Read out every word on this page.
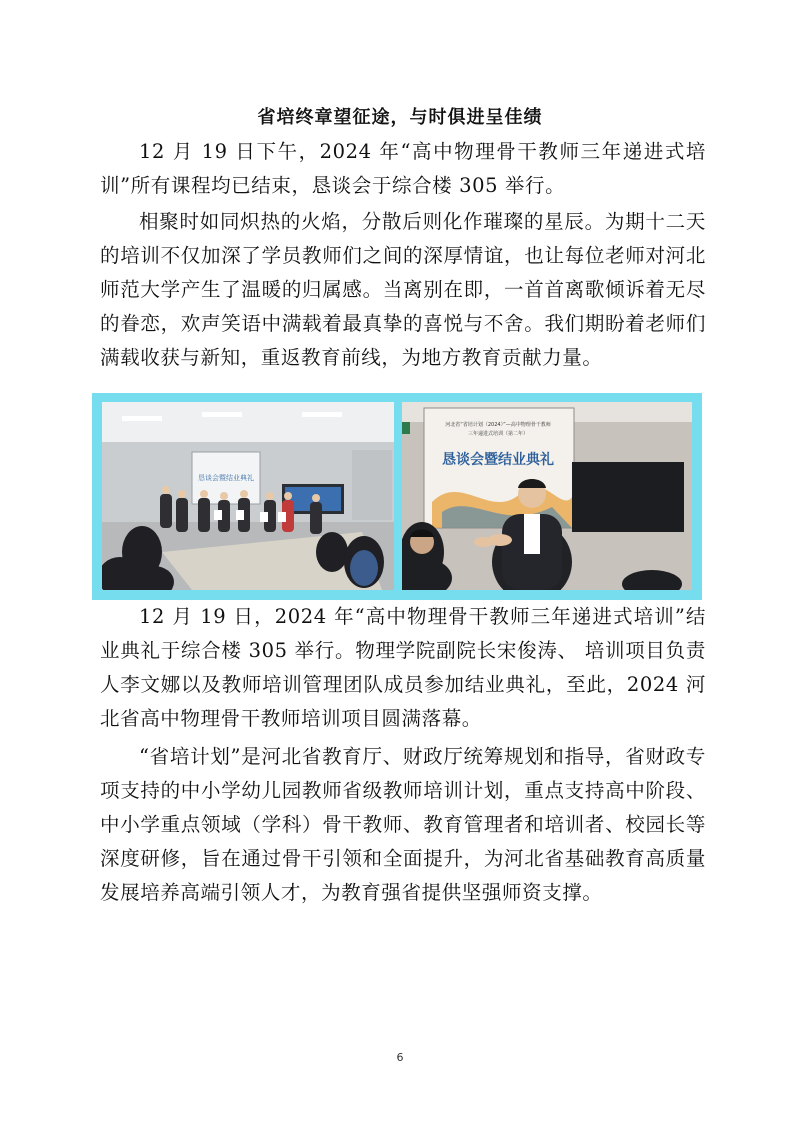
省培终章望征途，与时俱进呈佳绩

12 月 19 日下午，2024 年“高中物理骨干教师三年递进式培训”所有课程均已结束，恳谈会于综合楼 305 举行。

相聚时如同炽热的火焰，分散后则化作璀璨的星辰。为期十二天的培训不仅加深了学员教师们之间的深厚情谊，也让每位老师对河北师范大学产生了温暖的归属感。当离别在即，一首首离歌倾诉着无尽的眷恋，欢声笑语中满载着最真挚的喜悦与不舍。我们期盼着老师们满载收获与新知，重返教育前线，为地方教育贡献力量。

恳谈会暨结业典礼
河北省“省培计划（2024）”—高中物理骨干教师
三年递进式培训（第二年）
恳谈会暨结业典礼

12 月 19 日，2024 年“高中物理骨干教师三年递进式培训”结业典礼于综合楼 305 举行。物理学院副院长宋俊涛、 培训项目负责人李文娜以及教师培训管理团队成员参加结业典礼，至此，2024 河北省高中物理骨干教师培训项目圆满落幕。

“省培计划”是河北省教育厅、财政厅统筹规划和指导，省财政专项支持的中小学幼儿园教师省级教师培训计划，重点支持高中阶段、中小学重点领域（学科）骨干教师、教育管理者和培训者、校园长等深度研修，旨在通过骨干引领和全面提升，为河北省基础教育高质量发展培养高端引领人才，为教育强省提供坚强师资支撑。

6
